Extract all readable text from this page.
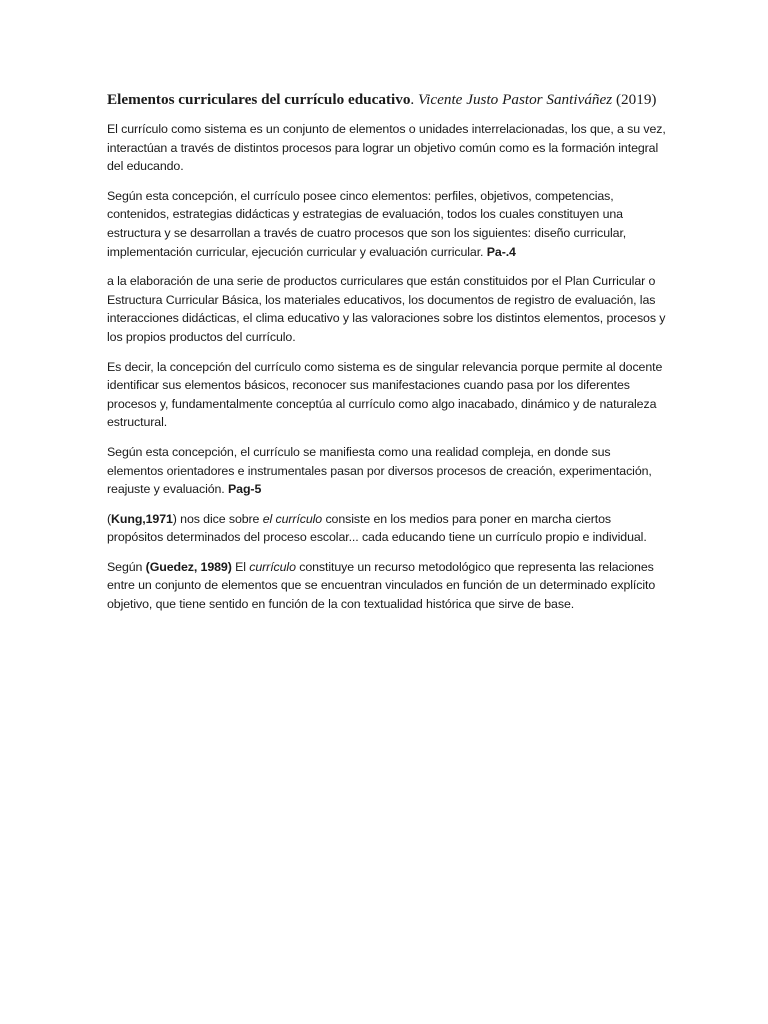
Elementos curriculares del currículo educativo. Vicente Justo Pastor Santiváñez (2019)

El currículo como sistema es un conjunto de elementos o unidades interrelacionadas, los que, a su vez, interactúan a través de distintos procesos para lograr un objetivo común como es la formación integral del educando.

Según esta concepción, el currículo posee cinco elementos: perfiles, objetivos, competencias, contenidos, estrategias didácticas y estrategias de evaluación, todos los cuales constituyen una estructura y se desarrollan a través de cuatro procesos que son los siguientes: diseño curricular, implementación curricular, ejecución curricular y evaluación curricular. Pa-.4

a la elaboración de una serie de productos curriculares que están constituidos por el Plan Curricular o Estructura Curricular Básica, los materiales educativos, los documentos de registro de evaluación, las interacciones didácticas, el clima educativo y las valoraciones sobre los distintos elementos, procesos y los propios productos del currículo.

Es decir, la concepción del currículo como sistema es de singular relevancia porque permite al docente identificar sus elementos básicos, reconocer sus manifestaciones cuando pasa por los diferentes procesos y, fundamentalmente conceptúa al currículo como algo inacabado, dinámico y de naturaleza estructural.

Según esta concepción, el currículo se manifiesta como una realidad compleja, en donde sus elementos orientadores e instrumentales pasan por diversos procesos de creación, experimentación, reajuste y evaluación. Pag-5

(Kung,1971) nos dice sobre el currículo consiste en los medios para poner en marcha ciertos propósitos determinados del proceso escolar... cada educando tiene un currículo propio e individual.

Según (Guedez, 1989) El currículo constituye un recurso metodológico que representa las relaciones entre un conjunto de elementos que se encuentran vinculados en función de un determinado explícito objetivo, que tiene sentido en función de la con textualidad histórica que sirve de base.
